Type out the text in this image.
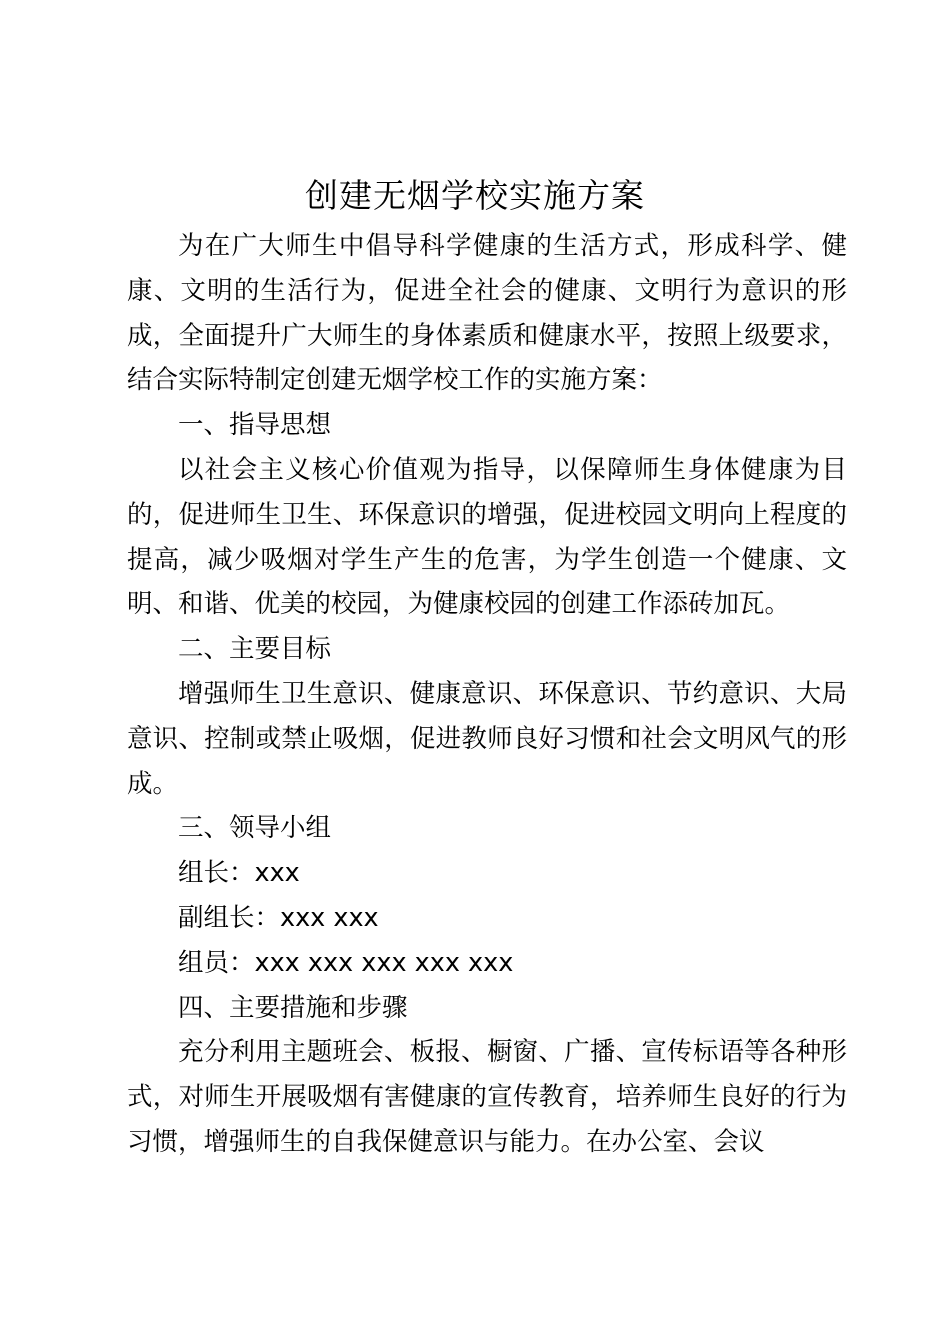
创建无烟学校实施方案

为在广大师生中倡导科学健康的生活方式，形成科学、健康、文明的生活行为，促进全社会的健康、文明行为意识的形成，全面提升广大师生的身体素质和健康水平，按照上级要求，结合实际特制定创建无烟学校工作的实施方案：

一、指导思想

以社会主义核心价值观为指导，以保障师生身体健康为目的，促进师生卫生、环保意识的增强，促进校园文明向上程度的提高，减少吸烟对学生产生的危害，为学生创造一个健康、文明、和谐、优美的校园，为健康校园的创建工作添砖加瓦。

二、主要目标

增强师生卫生意识、健康意识、环保意识、节约意识、大局意识、控制或禁止吸烟，促进教师良好习惯和社会文明风气的形成。

三、领导小组

组长：xxx

副组长：xxx xxx

组员：xxx xxx xxx xxx xxx

四、主要措施和步骤

充分利用主题班会、板报、橱窗、广播、宣传标语等各种形式，对师生开展吸烟有害健康的宣传教育，培养师生良好的行为习惯，增强师生的自我保健意识与能力。在办公室、会议
